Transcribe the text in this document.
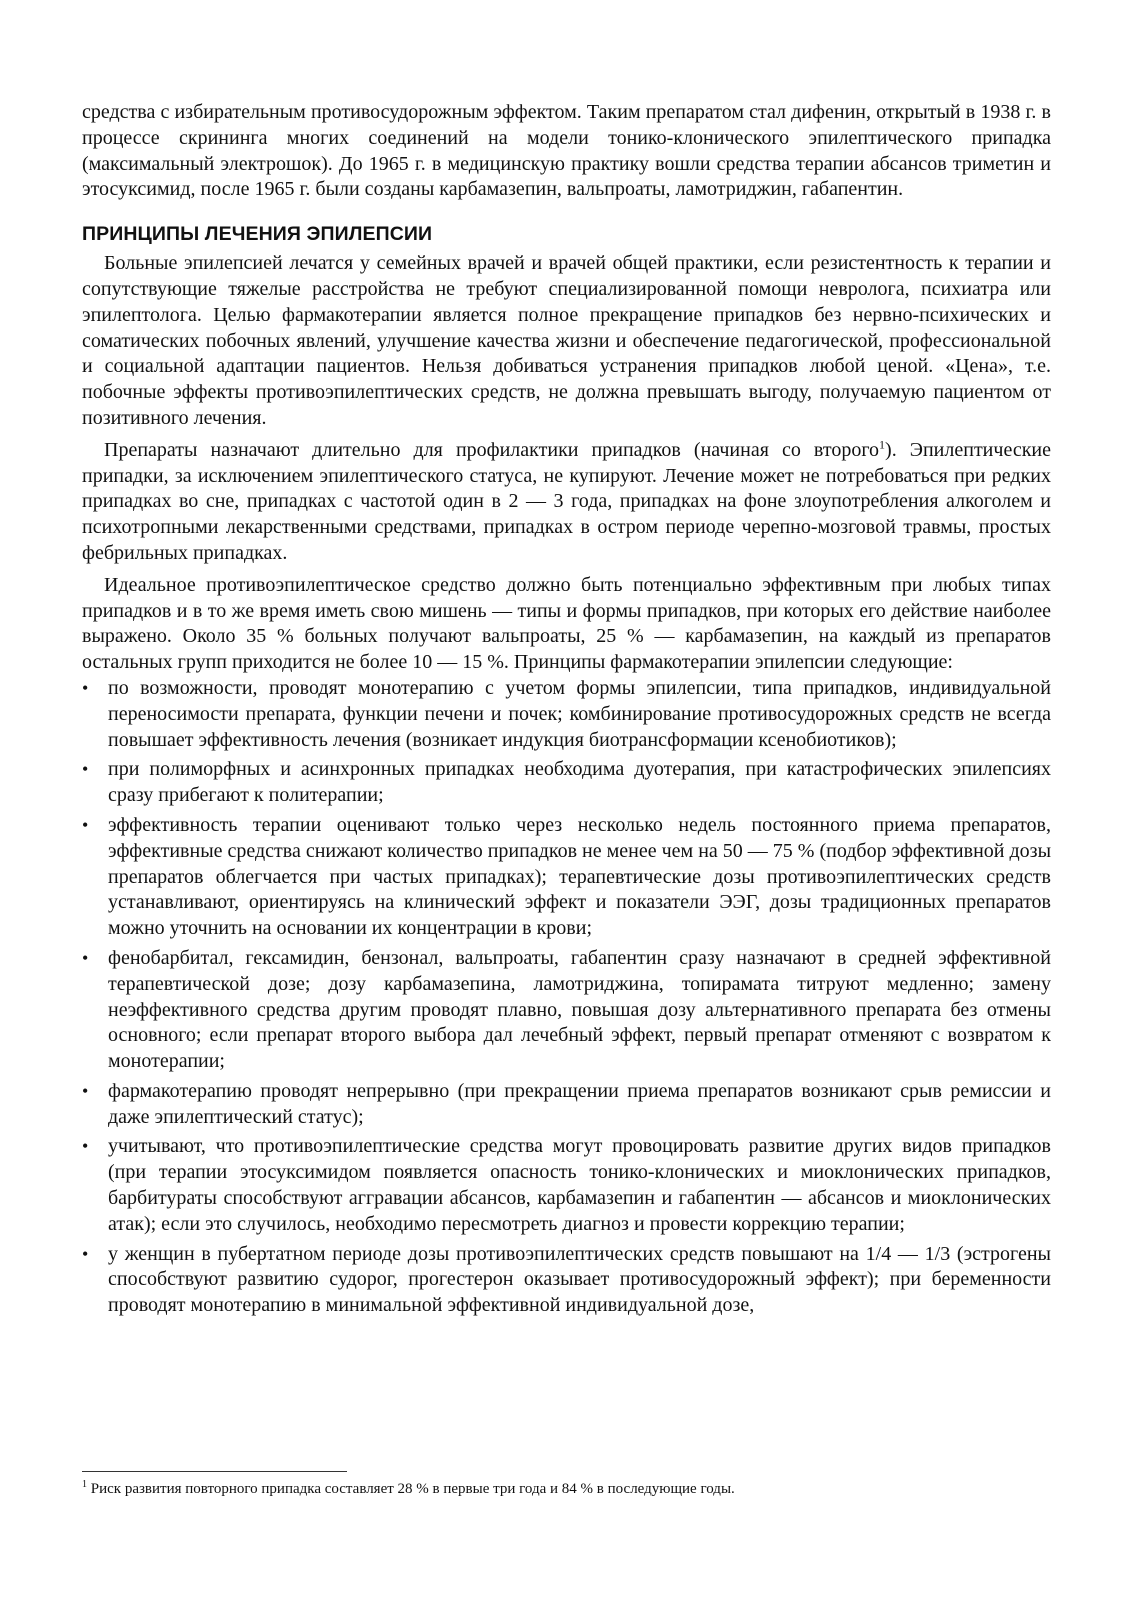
средства с избирательным противосудорожным эффектом. Таким препаратом стал дифенин, открытый в 1938 г. в процессе скрининга многих соединений на модели тонико-клонического эпилептического припадка (максимальный электрошок). До 1965 г. в медицинскую практику вошли средства терапии абсансов триметин и этосуксимид, после 1965 г. были созданы карбамазепин, вальпроаты, ламотриджин, габапентин.

ПРИНЦИПЫ ЛЕЧЕНИЯ ЭПИЛЕПСИИ

Больные эпилепсией лечатся у семейных врачей и врачей общей практики, если резистентность к терапии и сопутствующие тяжелые расстройства не требуют специализированной помощи невролога, психиатра или эпилептолога. Целью фармакотерапии является полное прекращение припадков без нервно-психических и соматических побочных явлений, улучшение качества жизни и обеспечение педагогической, профессиональной и социальной адаптации пациентов. Нельзя добиваться устранения припадков любой ценой. «Цена», т.е. побочные эффекты противоэпилептических средств, не должна превышать выгоду, получаемую пациентом от позитивного лечения.

Препараты назначают длительно для профилактики припадков (начиная со второго$^1$). Эпилептические припадки, за исключением эпилептического статуса, не купируют. Лечение может не потребоваться при редких припадках во сне, припадках с частотой один в 2 — 3 года, припадках на фоне злоупотребления алкоголем и психотропными лекарственными средствами, припадках в остром периоде черепно-мозговой травмы, простых фебрильных припадках.

Идеальное противоэпилептическое средство должно быть потенциально эффективным при любых типах припадков и в то же время иметь свою мишень — типы и формы припадков, при которых его действие наиболее выражено. Около 35 % больных получают вальпроаты, 25 % — карбамазепин, на каждый из препаратов остальных групп приходится не более 10 — 15 %. Принципы фармакотерапии эпилепсии следующие:

• по возможности, проводят монотерапию с учетом формы эпилепсии, типа припадков, индивидуальной переносимости препарата, функции печени и почек; комбинирование противосудорожных средств не всегда повышает эффективность лечения (возникает индукция биотрансформации ксенобиотиков);
• при полиморфных и асинхронных припадках необходима дуотерапия, при катастрофических эпилепсиях сразу прибегают к политерапии;
• эффективность терапии оценивают только через несколько недель постоянного приема препаратов, эффективные средства снижают количество припадков не менее чем на 50 — 75 % (подбор эффективной дозы препаратов облегчается при частых припадках); терапевтические дозы противоэпилептических средств устанавливают, ориентируясь на клинический эффект и показатели ЭЭГ, дозы традиционных препаратов можно уточнить на основании их концентрации в крови;
• фенобарбитал, гексамидин, бензонал, вальпроаты, габапентин сразу назначают в средней эффективной терапевтической дозе; дозу карбамазепина, ламотриджина, топирамата титруют медленно; замену неэффективного средства другим проводят плавно, повышая дозу альтернативного препарата без отмены основного; если препарат второго выбора дал лечебный эффект, первый препарат отменяют с возвратом к монотерапии;
• фармакотерапию проводят непрерывно (при прекращении приема препаратов возникают срыв ремиссии и даже эпилептический статус);
• учитывают, что противоэпилептические средства могут провоцировать развитие других видов припадков (при терапии этосуксимидом появляется опасность тонико-клонических и миоклонических припадков, барбитураты способствуют аггравации абсансов, карбамазепин и габапентин — абсансов и миоклонических атак); если это случилось, необходимо пересмотреть диагноз и провести коррекцию терапии;
• у женщин в пубертатном периоде дозы противоэпилептических средств повышают на 1/4 — 1/3 (эстрогены способствуют развитию судорог, прогестерон оказывает противосудорожный эффект); при беременности проводят монотерапию в минимальной эффективной индивидуальной дозе,
$^1$ Риск развития повторного припадка составляет 28 % в первые три года и 84 % в последующие годы.
